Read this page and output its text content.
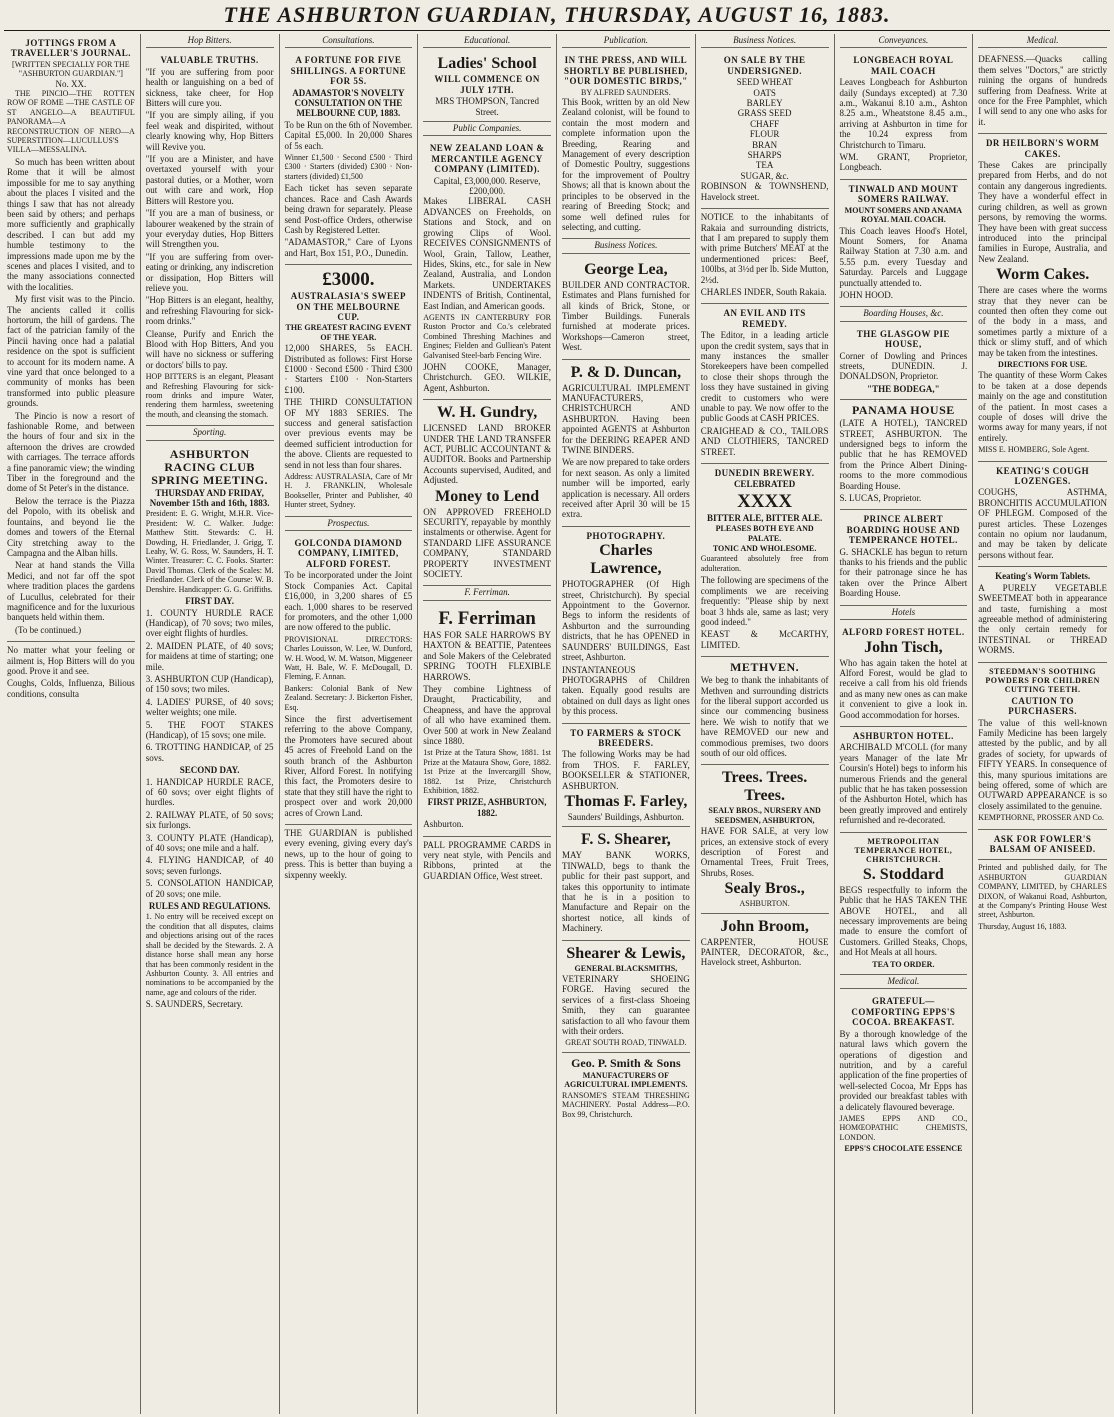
THE ASHBURTON GUARDIAN, THURSDAY, AUGUST 16, 1883.
JOTTINGS FROM A TRAVELLER'S JOURNAL.
[WRITTEN SPECIALLY FOR THE "ASHBURTON GUARDIAN."]
No. XX.

THE PINCIO—THE ROTTEN ROW OF ROME —THE CASTLE OF ST ANGELO—A BEAUTIFUL PANORAMA—A RECONSTRUCTION OF NERO—A SUPERSTITION—LUCULLUS'S VILLA—MESSALINA.

So much has been written about Rome that it will be almost impossible for me to say anything about the places I visited and the things I saw that has not already been said by others; and perhaps more sufficiently and graphically described. I can but add my humble testimony to the impressions made upon me by the scenes and places I visited, and to the many associations connected with the localities.

My first visit was to the Pincio. The ancients called it collis hortorum, the hill of gardens. The fact of the patrician family of the Pincii having once had a palatial residence on the spot is sufficient to account for its modern name. A vine yard that once belonged to a community of monks has been transformed into public pleasure grounds.

The Pincio is now a resort of fashionable Rome, and between the hours of four and six in the afternoon the drives are crowded with carriages. The terrace affords a fine panoramic view; the winding Tiber in the foreground and the dome of St Peter's in the distance.

Below the terrace is the Piazza del Popolo, with its obelisk and fountains, and beyond lie the domes and towers of the Eternal City stretching away to the Campagna and the Alban hills.

Near at hand stands the Villa Medici, and not far off the spot where tradition places the gardens of Lucullus, celebrated for their magnificence and for the luxurious banquets held within them.

(To be continued.)

No matter what your feeling or ailment is, Hop Bitters will do you good. Prove it and see.

Coughs, Colds, Influenza, Bilious conditions, consulta

Hop Bitters.
VALUABLE TRUTHS.

"If you are suffering from poor health or languishing on a bed of sickness, take cheer, for Hop Bitters will cure you.

"If you are simply ailing, if you feel weak and dispirited, without clearly knowing why, Hop Bitters will Revive you.

"If you are a Minister, and have overtaxed yourself with your pastoral duties, or a Mother, worn out with care and work, Hop Bitters will Restore you.

"If you are a man of business, or labourer weakened by the strain of your everyday duties, Hop Bitters will Strengthen you.

"If you are suffering from over-eating or drinking, any indiscretion or dissipation, Hop Bitters will relieve you.

"Hop Bitters is an elegant, healthy, and refreshing Flavouring for sick-room drinks."

Cleanse, Purify and Enrich the Blood with Hop Bitters, And you will have no sickness or suffering or doctors' bills to pay.

HOP BITTERS is an elegant, Pleasant and Refreshing Flavouring for sick-room drinks and impure Water, rendering them harmless, sweetening the mouth, and cleansing the stomach.

Sporting.
ASHBURTON RACING CLUB SPRING MEETING.
THURSDAY AND FRIDAY, November 15th and 16th, 1883.

President: E. G. Wright, M.H.R. Vice-President: W. C. Walker. Judge: Matthew Stitt. Stewards: C. H. Dowding, H. Friedlander, J. Grigg, T. Leahy, W. G. Ross, W. Saunders, H. T. Winter. Treasurer: C. C. Fooks. Starter: David Thomas. Clerk of the Scales: M. Friedlander. Clerk of the Course: W. B. Denshire. Handicapper: G. G. Griffiths.

FIRST DAY.

1. COUNTY HURDLE RACE (Handicap), of 70 sovs; two miles, over eight flights of hurdles.

2. MAIDEN PLATE, of 40 sovs; for maidens at time of starting; one mile.

3. ASHBURTON CUP (Handicap), of 150 sovs; two miles.

4. LADIES' PURSE, of 40 sovs; welter weights; one mile.

5. THE FOOT STAKES (Handicap), of 15 sovs; one mile.

6. TROTTING HANDICAP, of 25 sovs.

SECOND DAY.

1. HANDICAP HURDLE RACE, of 60 sovs; over eight flights of hurdles.

2. RAILWAY PLATE, of 50 sovs; six furlongs.

3. COUNTY PLATE (Handicap), of 40 sovs; one mile and a half.

4. FLYING HANDICAP, of 40 sovs; seven furlongs.

5. CONSOLATION HANDICAP, of 20 sovs; one mile.

RULES AND REGULATIONS.

1. No entry will be received except on the condition that all disputes, claims and objections arising out of the races shall be decided by the Stewards. 2. A distance horse shall mean any horse that has been commonly resident in the Ashburton County. 3. All entries and nominations to be accompanied by the name, age and colours of the rider.

S. SAUNDERS, Secretary.

Consultations.
A FORTUNE FOR FIVE SHILLINGS. A FORTUNE FOR 5S.
ADAMASTOR'S NOVELTY CONSULTATION ON THE MELBOURNE CUP, 1883.

To be Run on the 6th of November. Capital £5,000. In 20,000 Shares of 5s each.

Winner £1,500 · Second £500 · Third £300 · Starters (divided) £300 · Non-starters (divided) £1,500

Each ticket has seven separate chances. Race and Cash Awards being drawn for separately. Please send Post-office Orders, otherwise Cash by Registered Letter.

"ADAMASTOR," Care of Lyons and Hart, Box 151, P.O., Dunedin.

£3000.
AUSTRALASIA'S SWEEP ON THE MELBOURNE CUP.
THE GREATEST RACING EVENT OF THE YEAR.

12,000 SHARES, 5s EACH. Distributed as follows: First Horse £1000 · Second £500 · Third £300 · Starters £100 · Non-Starters £100.

THE THIRD CONSULTATION OF MY 1883 SERIES. The success and general satisfaction over previous events may be deemed sufficient introduction for the above. Clients are requested to send in not less than four shares.

Address: AUSTRALASIA, Care of Mr H. J. FRANKLIN, Wholesale Bookseller, Printer and Publisher, 40 Hunter street, Sydney.

Prospectus.
GOLCONDA DIAMOND COMPANY, LIMITED, ALFORD FOREST.

To be incorporated under the Joint Stock Companies Act. Capital £16,000, in 3,200 shares of £5 each. 1,000 shares to be reserved for promoters, and the other 1,000 are now offered to the public.

PROVISIONAL DIRECTORS: Charles Louisson, W. Lee, W. Dunford, W. H. Wood, W. M. Watson, Miggeneer Watt, H. Bale, W. F. McDougall, D. Fleming, F. Annan.

Bankers: Colonial Bank of New Zealand. Secretary: J. Bickerton Fisher, Esq.

Since the first advertisement referring to the above Company, the Promoters have secured about 45 acres of Freehold Land on the south branch of the Ashburton River, Alford Forest. In notifying this fact, the Promoters desire to state that they still have the right to prospect over and work 20,000 acres of Crown Land.

THE GUARDIAN is published every evening, giving every day's news, up to the hour of going to press. This is better than buying a sixpenny weekly.

Educational.
Ladies' School
WILL COMMENCE ON JULY 17TH.
MRS THOMPSON, Tancred Street.
Public Companies.
NEW ZEALAND LOAN & MERCANTILE AGENCY COMPANY (LIMITED).
Capital, £3,000,000. Reserve, £200,000.

Makes LIBERAL CASH ADVANCES on Freeholds, on Stations and Stock, and on growing Clips of Wool. RECEIVES CONSIGNMENTS of Wool, Grain, Tallow, Leather, Hides, Skins, etc., for sale in New Zealand, Australia, and London Markets. UNDERTAKES INDENTS of British, Continental, East Indian, and American goods.

AGENTS IN CANTERBURY FOR Ruston Proctor and Co.'s celebrated Combined Threshing Machines and Engines; Fielden and Gulliean's Patent Galvanised Steel-barb Fencing Wire.

JOHN COOKE, Manager, Christchurch. GEO. WILKIE, Agent, Ashburton.

W. H. Gundry,

LICENSED LAND BROKER UNDER THE LAND TRANSFER ACT, PUBLIC ACCOUNTANT & AUDITOR. Books and Partnership Accounts supervised, Audited, and Adjusted.

Money to Lend

ON APPROVED FREEHOLD SECURITY, repayable by monthly instalments or otherwise. Agent for STANDARD LIFE ASSURANCE COMPANY, STANDARD PROPERTY INVESTMENT SOCIETY.

F. Ferriman.
F. Ferriman

HAS FOR SALE HARROWS BY HAXTON & BEATTIE, Patentees and Sole Makers of the Celebrated SPRING TOOTH FLEXIBLE HARROWS.

They combine Lightness of Draught, Practicability, and Cheapness, and have the approval of all who have examined them. Over 500 at work in New Zealand since 1880.

1st Prize at the Tatura Show, 1881. 1st Prize at the Mataura Show, Gore, 1882. 1st Prize at the Invercargill Show, 1882. 1st Prize, Christchurch Exhibition, 1882.

FIRST PRIZE, ASHBURTON, 1882.

Ashburton.

PALL PROGRAMME CARDS in very neat style, with Pencils and Ribbons, printed at the GUARDIAN Office, West street.

Publication.
IN THE PRESS, AND WILL SHORTLY BE PUBLISHED, "OUR DOMESTIC BIRDS,"
BY ALFRED SAUNDERS.

This Book, written by an old New Zealand colonist, will be found to contain the most modern and complete information upon the Breeding, Rearing and Management of every description of Domestic Poultry, suggestions for the improvement of Poultry Shows; all that is known about the principles to be observed in the rearing of Breeding Stock; and some well defined rules for selecting, and cutting.

Business Notices.
George Lea,

BUILDER AND CONTRACTOR. Estimates and Plans furnished for all kinds of Brick, Stone, or Timber Buildings. Funerals furnished at moderate prices. Workshops—Cameron street, West.

P. & D. Duncan,

AGRICULTURAL IMPLEMENT MANUFACTURERS, CHRISTCHURCH AND ASHBURTON. Having been appointed AGENTS at Ashburton for the DEERING REAPER AND TWINE BINDERS.

We are now prepared to take orders for next season. As only a limited number will be imported, early application is necessary. All orders received after April 30 will be 15 extra.

PHOTOGRAPHY.
Charles Lawrence,

PHOTOGRAPHER (Of High street, Christchurch). By special Appointment to the Governor. Begs to inform the residents of Ashburton and the surrounding districts, that he has OPENED in SAUNDERS' BUILDINGS, East street, Ashburton.

INSTANTANEOUS PHOTOGRAPHS of Children taken. Equally good results are obtained on dull days as light ones by this process.

TO FARMERS & STOCK BREEDERS.

The following Works may be had from THOS. F. FARLEY, BOOKSELLER & STATIONER, ASHBURTON.

Thomas F. Farley,
Saunders' Buildings, Ashburton.
F. S. Shearer,

MAY BANK WORKS, TINWALD, begs to thank the public for their past support, and takes this opportunity to intimate that he is in a position to Manufacture and Repair on the shortest notice, all kinds of Machinery.

Shearer & Lewis,
GENERAL BLACKSMITHS,

VETERINARY SHOEING FORGE. Having secured the services of a first-class Shoeing Smith, they can guarantee satisfaction to all who favour them with their orders.

GREAT SOUTH ROAD, TINWALD.
Geo. P. Smith & Sons
MANUFACTURERS OF AGRICULTURAL IMPLEMENTS.

RANSOME'S STEAM THRESHING MACHINERY. Postal Address—P.O. Box 99, Christchurch.

Business Notices.
ON SALE BY THE UNDERSIGNED.
SEED WHEAT
OATS
BARLEY
GRASS SEED
CHAFF
FLOUR
BRAN
SHARPS
TEA
SUGAR, &c.

ROBINSON & TOWNSHEND, Havelock street.

NOTICE to the inhabitants of Rakaia and surrounding districts, that I am prepared to supply them with prime Butchers' MEAT at the undermentioned prices: Beef, 100lbs, at 3½d per lb. Side Mutton, 2½d.

CHARLES INDER, South Rakaia.

AN EVIL AND ITS REMEDY.

The Editor, in a leading article upon the credit system, says that in many instances the smaller Storekeepers have been compelled to close their shops through the loss they have sustained in giving credit to customers who were unable to pay. We now offer to the public Goods at CASH PRICES.

CRAIGHEAD & CO., TAILORS AND CLOTHIERS, TANCRED STREET.

DUNEDIN BREWERY.
CELEBRATED
XXXX
BITTER ALE, BITTER ALE.
PLEASES BOTH EYE AND PALATE.
TONIC AND WHOLESOME.

Guaranteed absolutely free from adulteration.

The following are specimens of the compliments we are receiving frequently: "Please ship by next boat 3 hhds ale, same as last; very good indeed."

KEAST & McCARTHY, LIMITED.

METHVEN.

We beg to thank the inhabitants of Methven and surrounding districts for the liberal support accorded us since our commencing business here. We wish to notify that we have REMOVED our new and commodious premises, two doors south of our old offices.

Trees. Trees. Trees.
SEALY BROS., NURSERY AND SEEDSMEN, ASHBURTON,

HAVE FOR SALE, at very low prices, an extensive stock of every description of Forest and Ornamental Trees, Fruit Trees, Shrubs, Roses.

Sealy Bros.,
ASHBURTON.
John Broom,

CARPENTER, HOUSE PAINTER, DECORATOR, &c., Havelock street, Ashburton.

Conveyances.
LONGBEACH ROYAL MAIL COACH

Leaves Longbeach for Ashburton daily (Sundays excepted) at 7.30 a.m., Wakanui 8.10 a.m., Ashton 8.25 a.m., Wheatstone 8.45 a.m., arriving at Ashburton in time for the 10.24 express from Christchurch to Timaru.

WM. GRANT, Proprietor, Longbeach.

TINWALD AND MOUNT SOMERS RAILWAY.
MOUNT SOMERS AND ANAMA ROYAL MAIL COACH.

This Coach leaves Hood's Hotel, Mount Somers, for Anama Railway Station at 7.30 a.m. and 5.55 p.m. every Tuesday and Saturday. Parcels and Luggage punctually attended to.

JOHN HOOD.

Boarding Houses, &c.
THE GLASGOW PIE HOUSE,

Corner of Dowling and Princes streets, DUNEDIN. J. DONALDSON, Proprietor.

"THE BODEGA,"
PANAMA HOUSE

(LATE A HOTEL), TANCRED STREET, ASHBURTON. The undersigned begs to inform the public that he has REMOVED from the Prince Albert Dining-rooms to the more commodious Boarding House.

S. LUCAS, Proprietor.

PRINCE ALBERT BOARDING HOUSE AND TEMPERANCE HOTEL.

G. SHACKLE has begun to return thanks to his friends and the public for their patronage since he has taken over the Prince Albert Boarding House.

Hotels
ALFORD FOREST HOTEL.
John Tisch,

Who has again taken the hotel at Alford Forest, would be glad to receive a call from his old friends and as many new ones as can make it convenient to give a look in. Good accommodation for horses.

ASHBURTON HOTEL.

ARCHIBALD M'COLL (for many years Manager of the late Mr Coursin's Hotel) begs to inform his numerous Friends and the general public that he has taken possession of the Ashburton Hotel, which has been greatly improved and entirely refurnished and re-decorated.

METROPOLITAN TEMPERANCE HOTEL, CHRISTCHURCH.
S. Stoddard

BEGS respectfully to inform the Public that he HAS TAKEN THE ABOVE HOTEL, and all necessary improvements are being made to ensure the comfort of Customers. Grilled Steaks, Chops, and Hot Meals at all hours.

TEA TO ORDER.
Medical.
GRATEFUL—COMFORTING EPPS'S COCOA. BREAKFAST.

By a thorough knowledge of the natural laws which govern the operations of digestion and nutrition, and by a careful application of the fine properties of well-selected Cocoa, Mr Epps has provided our breakfast tables with a delicately flavoured beverage.

JAMES EPPS AND CO., HOMŒOPATHIC CHEMISTS, LONDON.

EPPS'S CHOCOLATE ESSENCE
Medical.

DEAFNESS.—Quacks calling them selves "Doctors," are strictly ruining the organs of hundreds suffering from Deafness. Write at once for the Free Pamphlet, which I will send to any one who asks for it.

DR HEILBORN'S WORM CAKES.

These Cakes are principally prepared from Herbs, and do not contain any dangerous ingredients. They have a wonderful effect in curing children, as well as grown persons, by removing the worms. They have been with great success introduced into the principal families in Europe, Australia, and New Zealand.

Worm Cakes.

There are cases where the worms stray that they never can be counted then often they come out of the body in a mass, and sometimes partly a mixture of a thick or slimy stuff, and of which may be taken from the intestines.

DIRECTIONS FOR USE.

The quantity of these Worm Cakes to be taken at a dose depends mainly on the age and constitution of the patient. In most cases a couple of doses will drive the worms away for many years, if not entirely.

MISS E. HOMBERG, Sole Agent.

KEATING'S COUGH LOZENGES.

COUGHS, ASTHMA, BRONCHITIS ACCUMULATION OF PHLEGM. Composed of the purest articles. These Lozenges contain no opium nor laudanum, and may be taken by delicate persons without fear.

Keating's Worm Tablets.

A PURELY VEGETABLE SWEETMEAT both in appearance and taste, furnishing a most agreeable method of administering the only certain remedy for INTESTINAL or THREAD WORMS.

STEEDMAN'S SOOTHING POWDERS FOR CHILDREN CUTTING TEETH.
CAUTION TO PURCHASERS.

The value of this well-known Family Medicine has been largely attested by the public, and by all grades of society, for upwards of FIFTY YEARS. In consequence of this, many spurious imitations are being offered, some of which are OUTWARD APPEARANCE is so closely assimilated to the genuine.

KEMPTHORNE, PROSSER AND Co.

ASK FOR FOWLER'S BALSAM OF ANISEED.

Printed and published daily, for The ASHBURTON GUARDIAN COMPANY, LIMITED, by CHARLES DIXON, of Wakanui Road, Ashburton, at the Company's Printing House West street, Ashburton.

Thursday, August 16, 1883.
